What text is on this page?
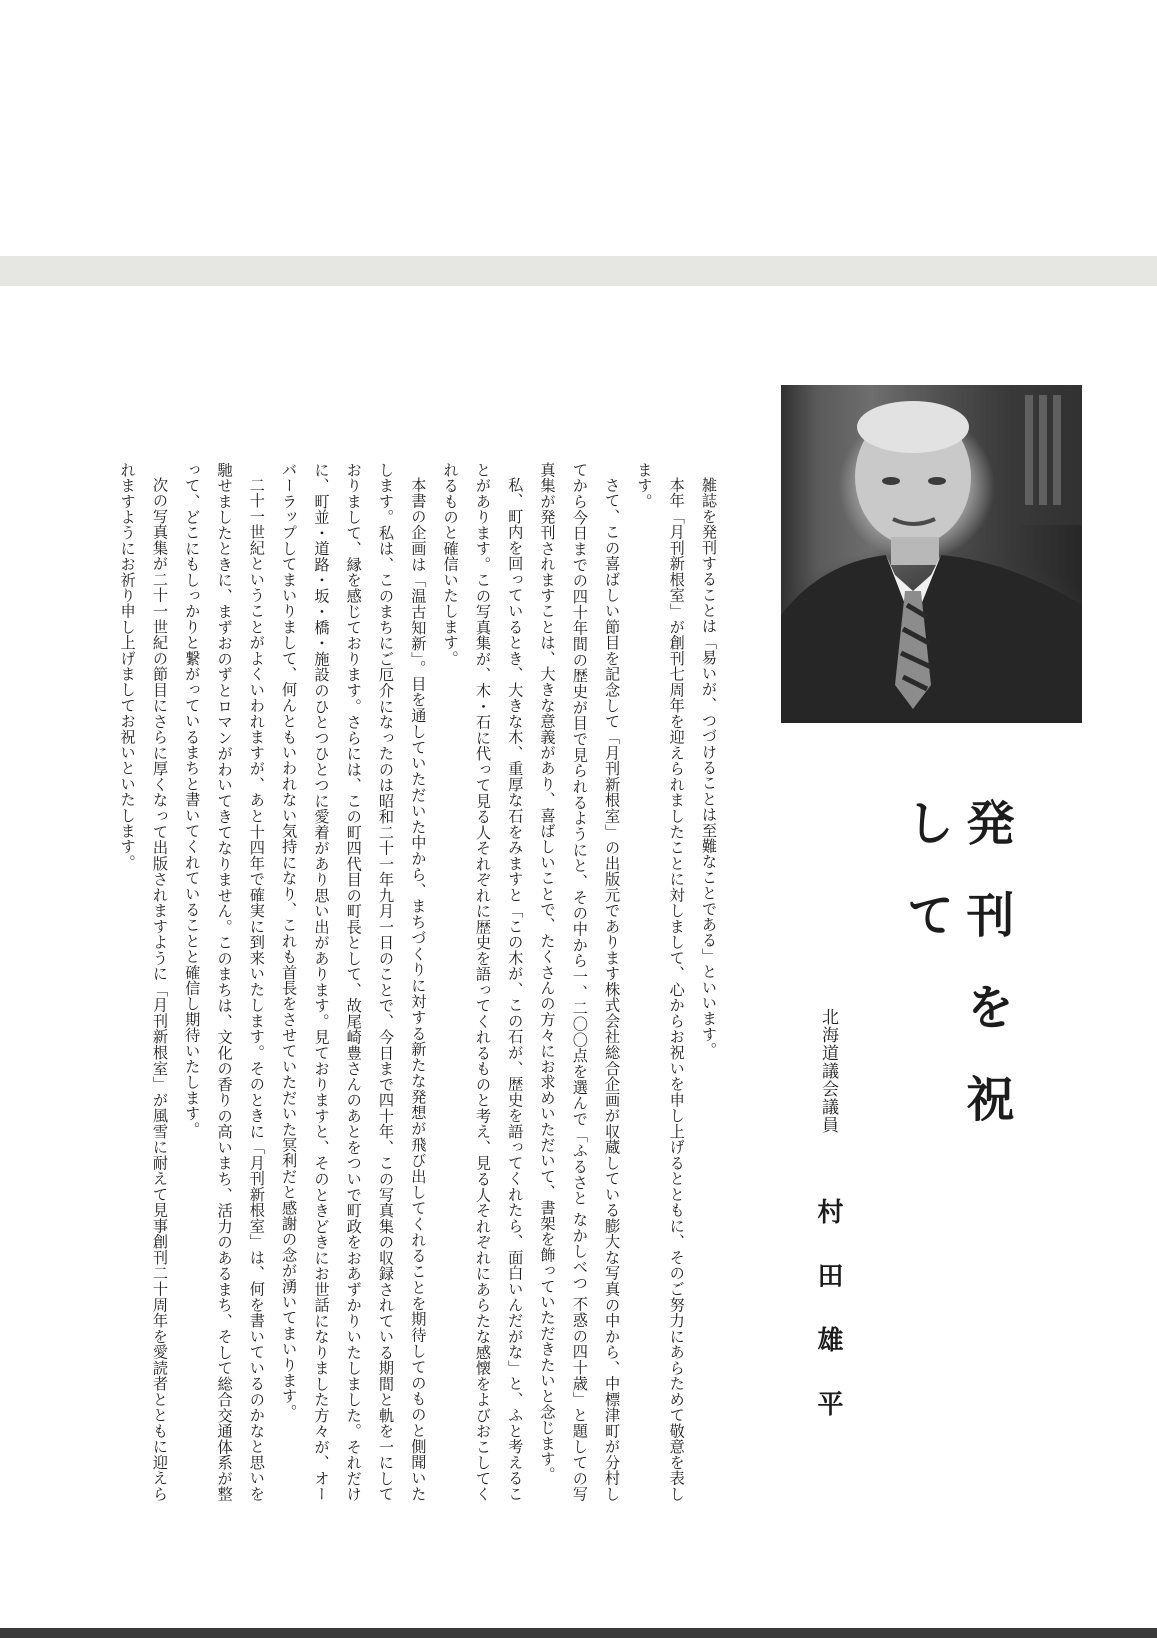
雑誌を発刊することは「易いが、つづけることは至難なことである」といいます。

本年「月刊新根室」が創刊七周年を迎えられましたことに対しまして、心からお祝いを申し上げるとともに、そのご努力にあらためて敬意を表します。

さて、この喜ばしい節目を記念して「月刊新根室」の出版元であります株式会社総合企画が収蔵している膨大な写真の中から、中標津町が分村してから今日までの四十年間の歴史が目で見られるようにと、その中から一、二〇〇点を選んで「ふるさと なかしべつ 不惑の四十歳」と題しての写真集が発刊されますことは、大きな意義があり、喜ばしいことで、たくさんの方々にお求めいただいて、書架を飾っていただきたいと念じます。

私、町内を回っているとき、大きな木、重厚な石をみますと「この木が、この石が、歴史を語ってくれたら、面白いんだがな」と、ふと考えることがあります。この写真集が、木・石に代って見る人それぞれに歴史を語ってくれるものと考え、見る人それぞれにあらたな感懐をよびおこしてくれるものと確信いたします。

本書の企画は「温古知新」。目を通していただいた中から、まちづくりに対する新たな発想が飛び出してくれることを期待してのものと側聞いたします。私は、このまちにご厄介になったのは昭和二十一年九月一日のことで、今日まで四十年、この写真集の収録されている期間と軌を一にしておりまして、縁を感じております。さらには、この町四代目の町長として、故尾崎豊さんのあとをついで町政をおあずかりいたしました。それだけに、町並・道路・坂・橋・施設のひとつひとつに愛着があり思い出があります。見ておりますと、そのときどきにお世話になりました方々が、オーバーラップしてまいりまして、何んともいわれない気持になり、これも首長をさせていただいた冥利だと感謝の念が湧いてまいります。

二十一世紀ということがよくいわれますが、あと十四年で確実に到来いたします。そのときに「月刊新根室」は、何を書いているのかなと思いを馳せましたときに、まずおのずとロマンがわいてきてなりません。このまちは、文化の香りの高いまち、活力のあるまち、そして総合交通体系が整って、どこにもしっかりと繋がっているまちと書いてくれていることと確信し期待いたします。

次の写真集が二十一世紀の節目にさらに厚くなって出版されますように「月刊新根室」が風雪に耐えて見事創刊二十周年を愛読者とともに迎えられますようにお祈り申し上げましてお祝いといたします。

発刊を祝して
北海道議会議員
村田雄平
